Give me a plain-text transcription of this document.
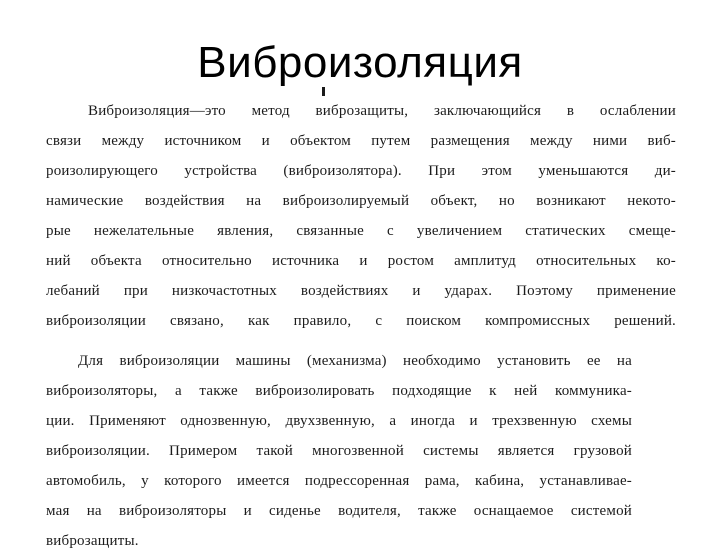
Виброизоляция
Виброизоляция—это метод виброзащиты, заключающийся в ослаблении
связи между источником и объектом путем размещения между ними виб-
роизолирующего устройства (виброизолятора). При этом уменьшаются ди-
намические воздействия на виброизолируемый объект, но возникают некото-
рые нежелательные явления, связанные с увеличением статических смеще-
ний объекта относительно источника и ростом амплитуд относительных ко-
лебаний при низкочастотных воздействиях и ударах. Поэтому применение
виброизоляции связано, как правило, с поиском компромиссных решений.
Для виброизоляции машины (механизма) необходимо установить ее на
виброизоляторы, а также виброизолировать подходящие к ней коммуника-
ции. Применяют однозвенную, двухзвенную, а иногда и трехзвенную схемы
виброизоляции. Примером такой многозвенной системы является грузовой
автомобиль, у которого имеется подрессоренная рама, кабина, устанавливае-
мая на виброизоляторы и сиденье водителя, также оснащаемое системой
виброзащиты.
